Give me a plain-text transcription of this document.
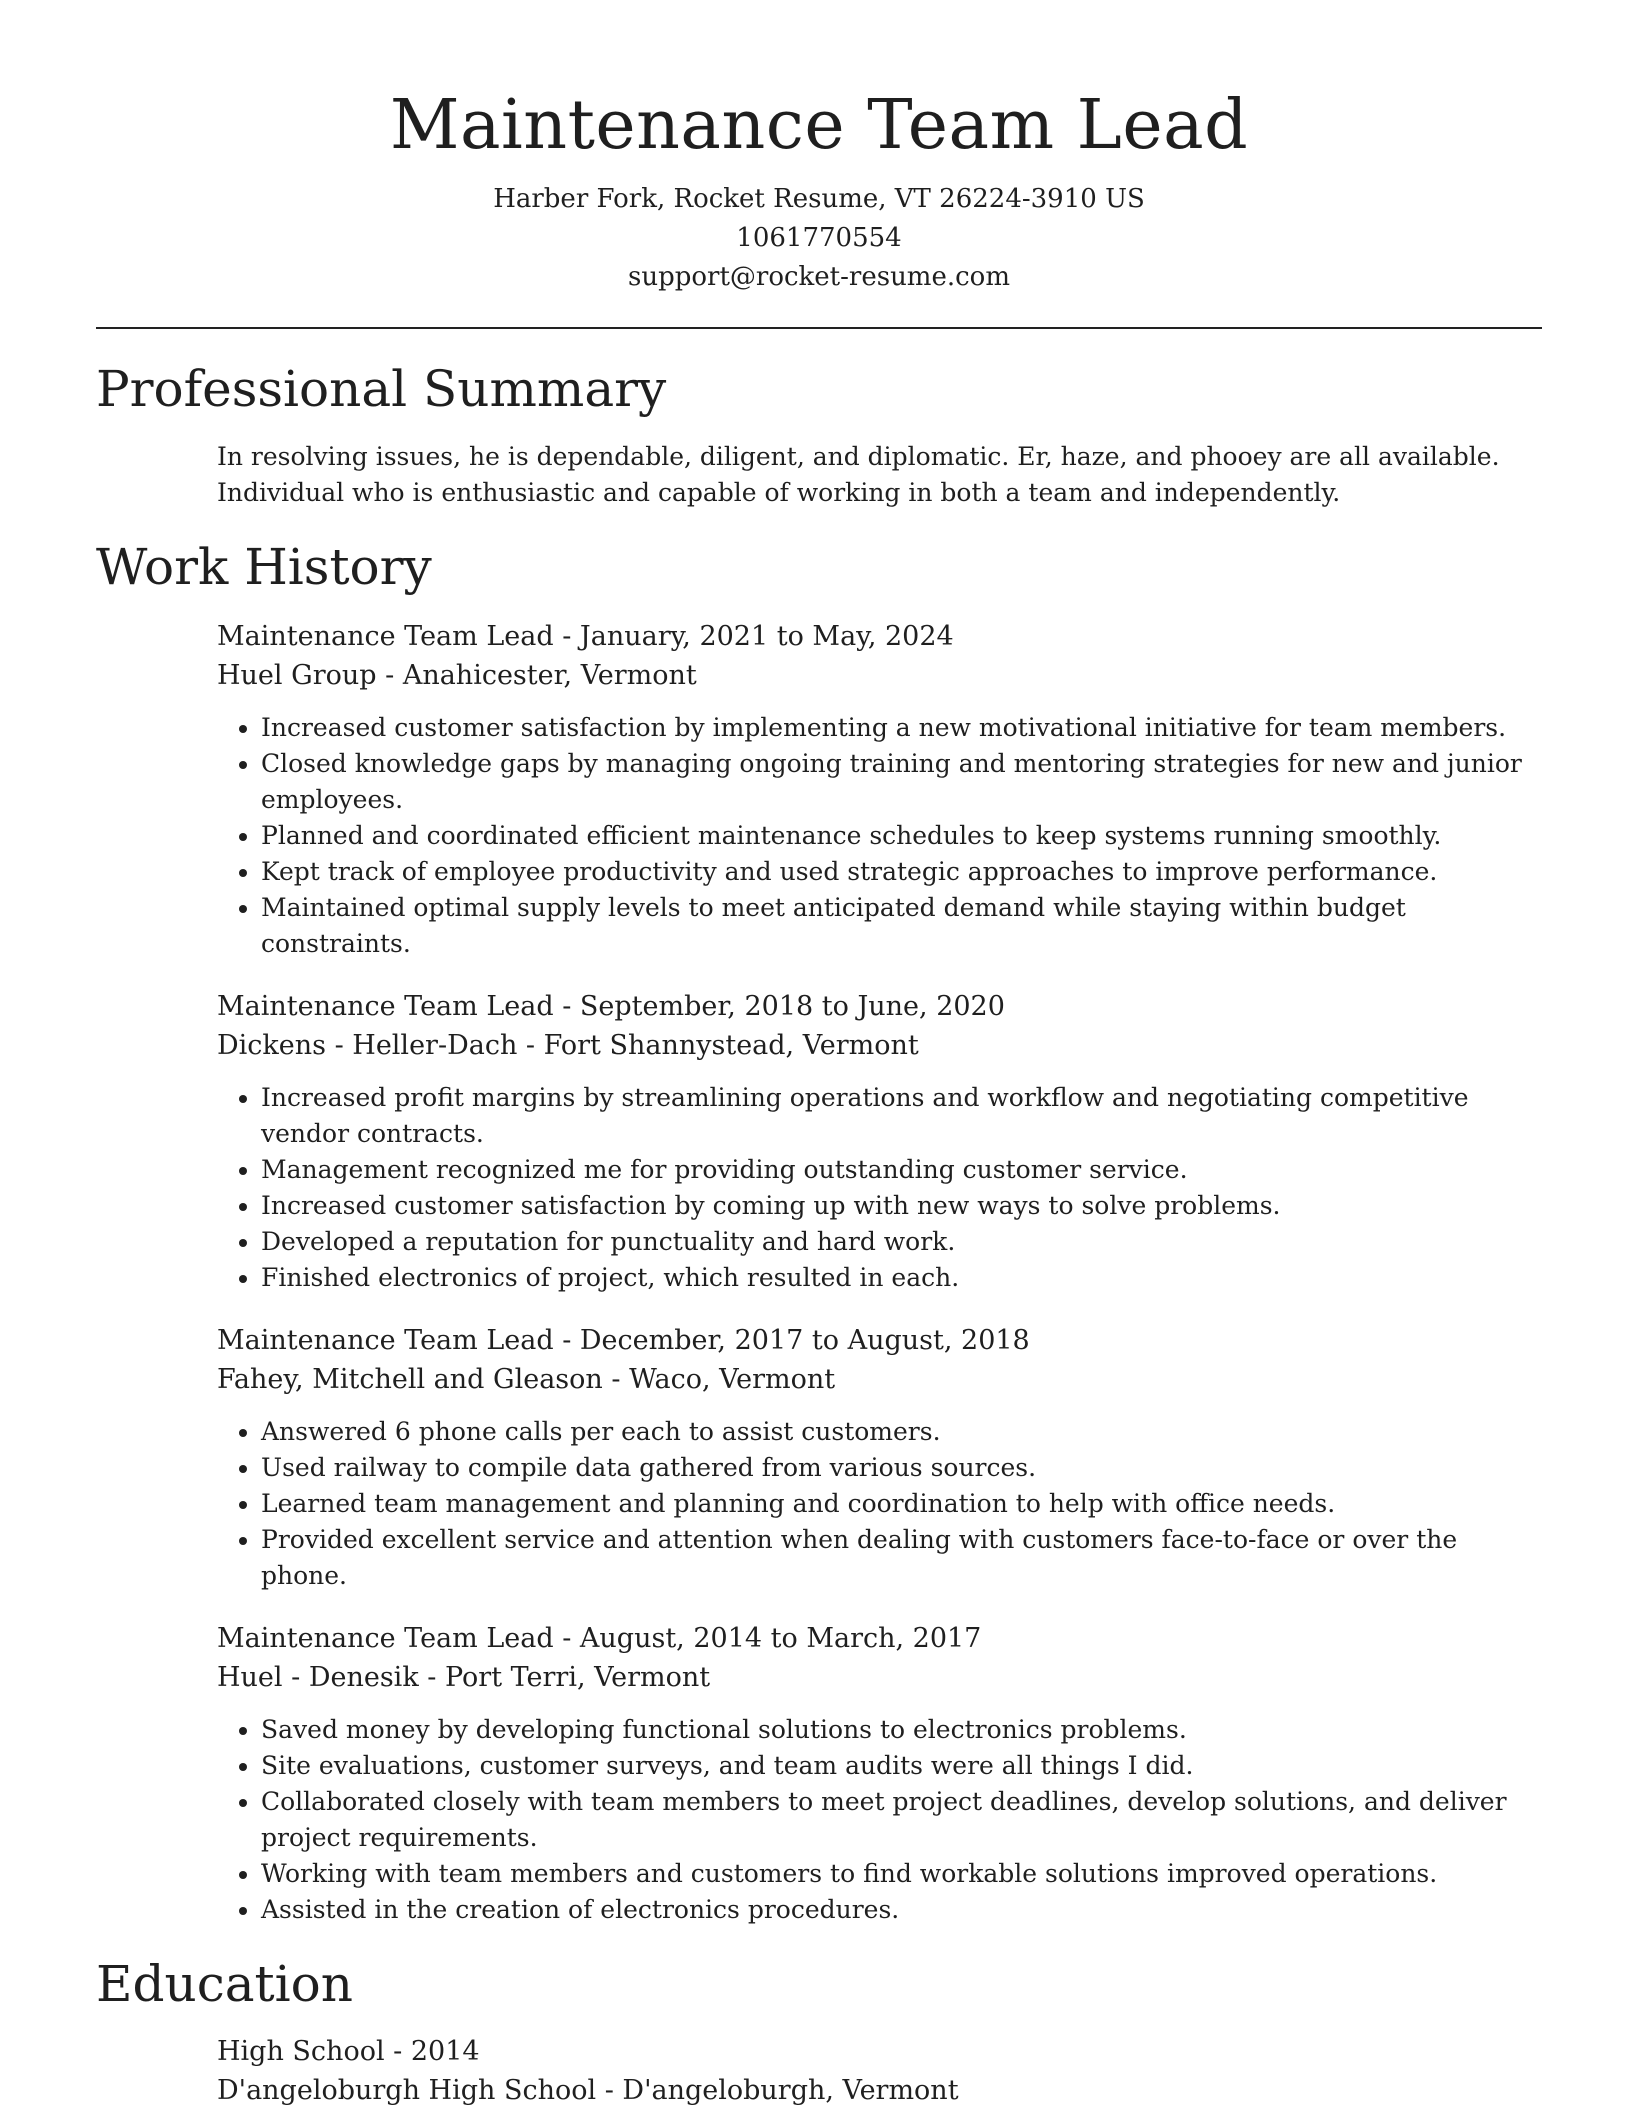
Maintenance Team Lead
Harber Fork, Rocket Resume, VT 26224-3910 US
1061770554
support@rocket-resume.com
Professional Summary

In resolving issues, he is dependable, diligent, and diplomatic. Er, haze, and phooey are all available. Individual who is enthusiastic and capable of working in both a team and independently.

Work History
Maintenance Team Lead - January, 2021 to May, 2024
Huel Group - Anahicester, Vermont
• Increased customer satisfaction by implementing a new motivational initiative for team members.
• Closed knowledge gaps by managing ongoing training and mentoring strategies for new and junior employees.
• Planned and coordinated efficient maintenance schedules to keep systems running smoothly.
• Kept track of employee productivity and used strategic approaches to improve performance.
• Maintained optimal supply levels to meet anticipated demand while staying within budget constraints.
Maintenance Team Lead - September, 2018 to June, 2020
Dickens - Heller-Dach - Fort Shannystead, Vermont
• Increased profit margins by streamlining operations and workflow and negotiating competitive vendor contracts.
• Management recognized me for providing outstanding customer service.
• Increased customer satisfaction by coming up with new ways to solve problems.
• Developed a reputation for punctuality and hard work.
• Finished electronics of project, which resulted in each.
Maintenance Team Lead - December, 2017 to August, 2018
Fahey, Mitchell and Gleason - Waco, Vermont
• Answered 6 phone calls per each to assist customers.
• Used railway to compile data gathered from various sources.
• Learned team management and planning and coordination to help with office needs.
• Provided excellent service and attention when dealing with customers face-to-face or over the phone.
Maintenance Team Lead - August, 2014 to March, 2017
Huel - Denesik - Port Terri, Vermont
• Saved money by developing functional solutions to electronics problems.
• Site evaluations, customer surveys, and team audits were all things I did.
• Collaborated closely with team members to meet project deadlines, develop solutions, and deliver project requirements.
• Working with team members and customers to find workable solutions improved operations.
• Assisted in the creation of electronics procedures.
Education
High School - 2014
D'angeloburgh High School - D'angeloburgh, Vermont
